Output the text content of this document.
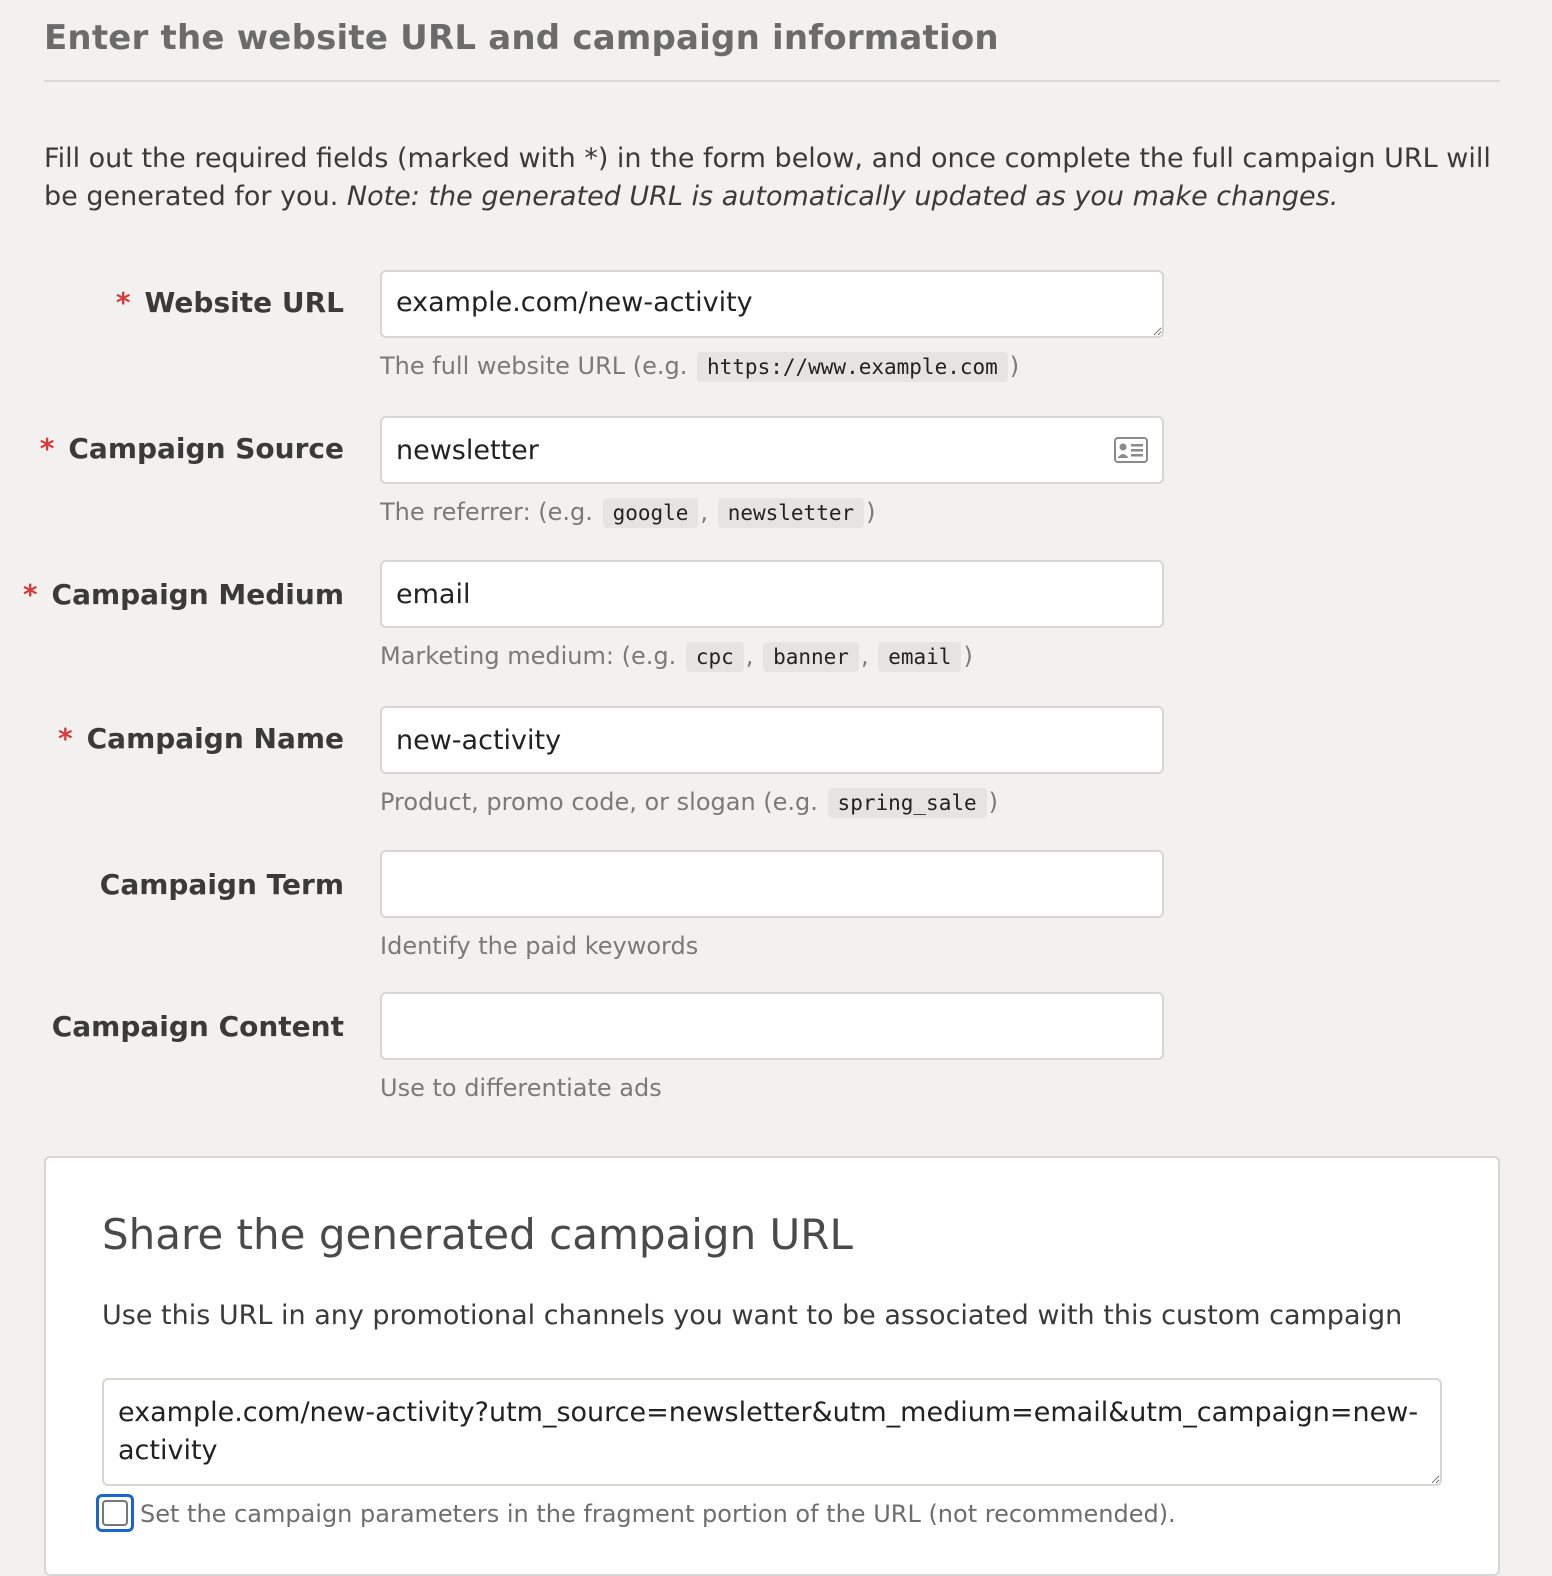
Enter the website URL and campaign information

Fill out the required fields (marked with *) in the form below, and once complete the full campaign URL will be generated for you. Note: the generated URL is automatically updated as you make changes.

* Website URL
example.com/new-activity
The full website URL (e.g. https://www.example.com )
* Campaign Source
newsletter
The referrer: (e.g. google , newsletter )
* Campaign Medium
email
Marketing medium: (e.g. cpc , banner , email )
* Campaign Name
new-activity
Product, promo code, or slogan (e.g. spring_sale )
Campaign Term
Identify the paid keywords
Campaign Content
Use to differentiate ads
Share the generated campaign URL

Use this URL in any promotional channels you want to be associated with this custom campaign

example.com/new-activity?utm_source=newsletter&utm_medium=email&utm_campaign=new-activity
Set the campaign parameters in the fragment portion of the URL (not recommended).
